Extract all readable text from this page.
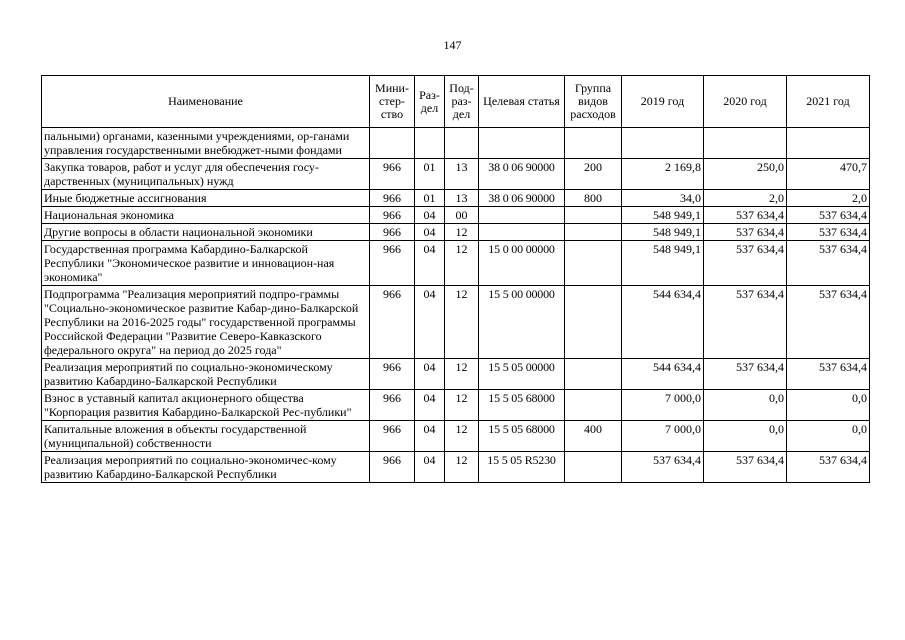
147
Наименование	Мини-стер-ство	Раз-дел	Под-раз-дел	Целевая статья	Группа видов расходов	2019 год	2020 год	2021 год
пальными) органами, казенными учреждениями, ор-ганами управления государственными внебюджет-ными фондами								
Закупка товаров, работ и услуг для обеспечения госу-дарственных (муниципальных) нужд	966	01	13	38 0 06 90000	200	2 169,8	250,0	470,7
Иные бюджетные ассигнования	966	01	13	38 0 06 90000	800	34,0	2,0	2,0
Национальная экономика	966	04	00			548 949,1	537 634,4	537 634,4
Другие вопросы в области национальной экономики	966	04	12			548 949,1	537 634,4	537 634,4
Государственная программа Кабардино-Балкарской Республики "Экономическое развитие и инновацион-ная экономика"	966	04	12	15 0 00 00000		548 949,1	537 634,4	537 634,4
Подпрограмма "Реализация мероприятий подпро-граммы "Социально-экономическое развитие Кабар-дино-Балкарской Республики на 2016-2025 годы" государственной программы Российской Федерации "Развитие Северо-Кавказского федерального округа" на период до 2025 года"	966	04	12	15 5 00 00000		544 634,4	537 634,4	537 634,4
Реализация мероприятий по социально-экономическому развитию Кабардино-Балкарской Республики	966	04	12	15 5 05 00000		544 634,4	537 634,4	537 634,4
Взнос в уставный капитал акционерного общества "Корпорация развития Кабардино-Балкарской Рес-публики"	966	04	12	15 5 05 68000		7 000,0	0,0	0,0
Капитальные вложения в объекты государственной (муниципальной) собственности	966	04	12	15 5 05 68000	400	7 000,0	0,0	0,0
Реализация мероприятий по социально-экономичес-кому развитию Кабардино-Балкарской Республики	966	04	12	15 5 05 R5230		537 634,4	537 634,4	537 634,4
